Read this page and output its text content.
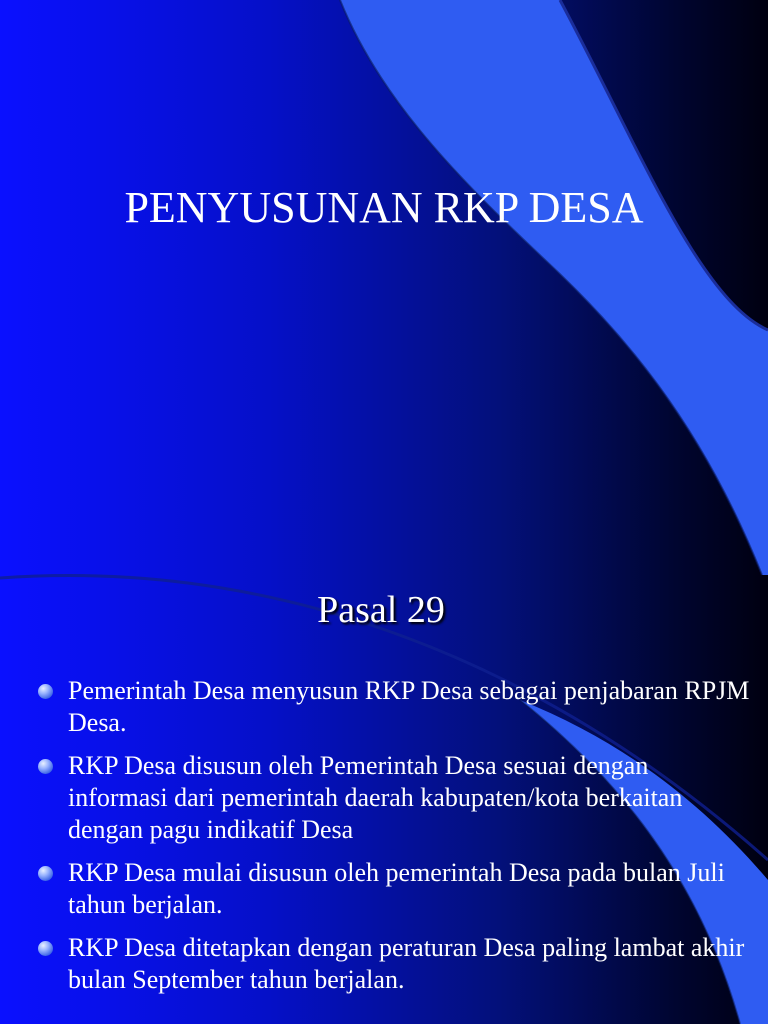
PENYUSUNAN RKP DESA
Pasal 29
Pemerintah Desa menyusun RKP Desa sebagai penjabaran RPJM Desa.
RKP Desa disusun oleh Pemerintah Desa sesuai dengan informasi dari pemerintah daerah kabupaten/kota berkaitan dengan pagu indikatif Desa
RKP Desa mulai disusun oleh pemerintah Desa pada bulan Juli tahun berjalan.
RKP Desa ditetapkan dengan peraturan Desa paling lambat akhir bulan September tahun berjalan.
